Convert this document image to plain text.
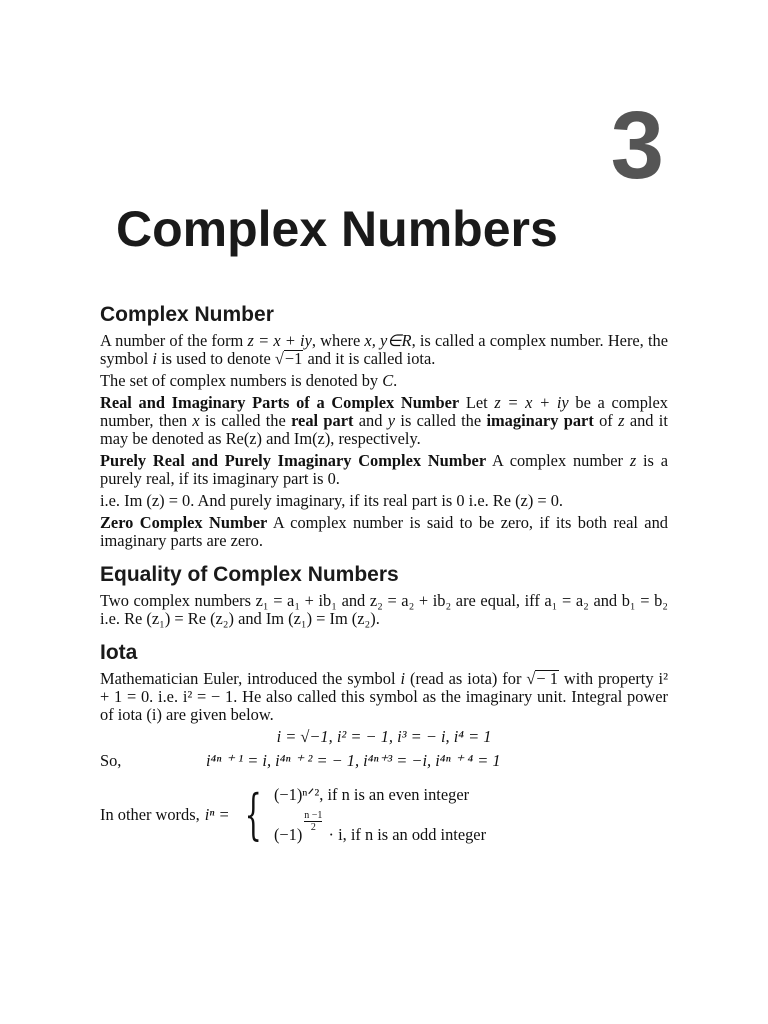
3
Complex Numbers
Complex Number

A number of the form z = x + iy, where x, y∈R, is called a complex number. Here, the symbol i is used to denote √−1 and it is called iota.

The set of complex numbers is denoted by C.

Real and Imaginary Parts of a Complex Number Let z = x + iy be a complex number, then x is called the real part and y is called the imaginary part of z and it may be denoted as Re(z) and Im(z), respectively.

Purely Real and Purely Imaginary Complex Number A complex number z is a purely real, if its imaginary part is 0.

i.e. Im (z) = 0. And purely imaginary, if its real part is 0 i.e. Re (z) = 0.

Zero Complex Number A complex number is said to be zero, if its both real and imaginary parts are zero.

Equality of Complex Numbers

Two complex numbers z₁ = a₁ + ib₁ and z₂ = a₂ + ib₂ are equal, iff a₁ = a₂ and b₁ = b₂ i.e. Re (z₁) = Re (z₂) and Im (z₁) = Im (z₂).

Iota

Mathematician Euler, introduced the symbol i (read as iota) for √− 1 with property i² + 1 = 0. i.e. i² = − 1. He also called this symbol as the imaginary unit. Integral power of iota (i) are given below.

i = √−1, i² = − 1, i³ = − i, i⁴ = 1
So,	i⁴ⁿ ⁺ ¹ = i, i⁴ⁿ ⁺ ² = − 1, i⁴ⁿ⁺³ = −i, i⁴ⁿ ⁺ ⁴ = 1
In other words, iⁿ = { (−1)ⁿᐟ², if n is an even integer
(−1)
$\frac{n -1}{2}$
· i, if n is an odd integer
